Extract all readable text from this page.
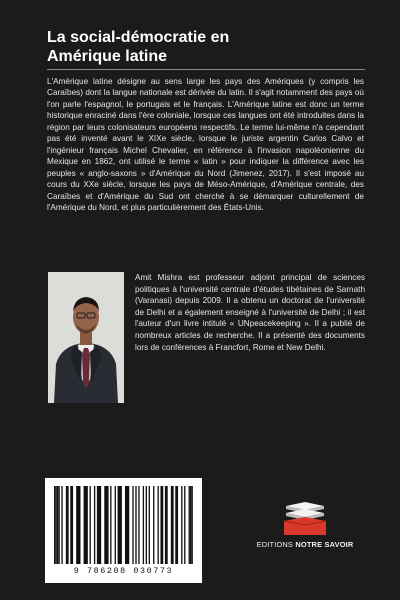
La social-démocratie en
Amérique latine
L'Amérique latine désigne au sens large les pays des Amériques (y compris les Caraïbes) dont la langue nationale est dérivée du latin. Il s'agit notamment des pays où l'on parle l'espagnol, le portugais et le français. L'Amérique latine est donc un terme historique enraciné dans l'ère coloniale, lorsque ces langues ont été introduites dans la région par leurs colonisateurs européens respectifs. Le terme lui-même n'a cependant pas été inventé avant le XIXe siècle, lorsque le juriste argentin Carlos Calvo et l'ingénieur français Michel Chevalier, en référence à l'invasion napoléonienne du Mexique en 1862, ont utilisé le terme « latin » pour indiquer la différence avec les peuples « anglo-saxons » d'Amérique du Nord (Jimenez, 2017). Il s'est imposé au cours du XXe siècle, lorsque les pays de Méso-Amérique, d'Amérique centrale, des Caraïbes et d'Amérique du Sud ont cherché à se démarquer culturellement de l'Amérique du Nord, et plus particulièrement des États-Unis.
Amit Mishra est professeur adjoint principal de sciences politiques à l'université centrale d'études tibétaines de Sarnath (Varanasi) depuis 2009. Il a obtenu un doctorat de l'université de Delhi et a également enseigné à l'université de Delhi ; il est l'auteur d'un livre intitulé « UNpeacekeeping ». Il a publié de nombreux articles de recherche. Il a présenté des documents lors de conférences à Francfort, Rome et New Delhi.
9 786208 030773
EDITIONS NOTRE SAVOIR
